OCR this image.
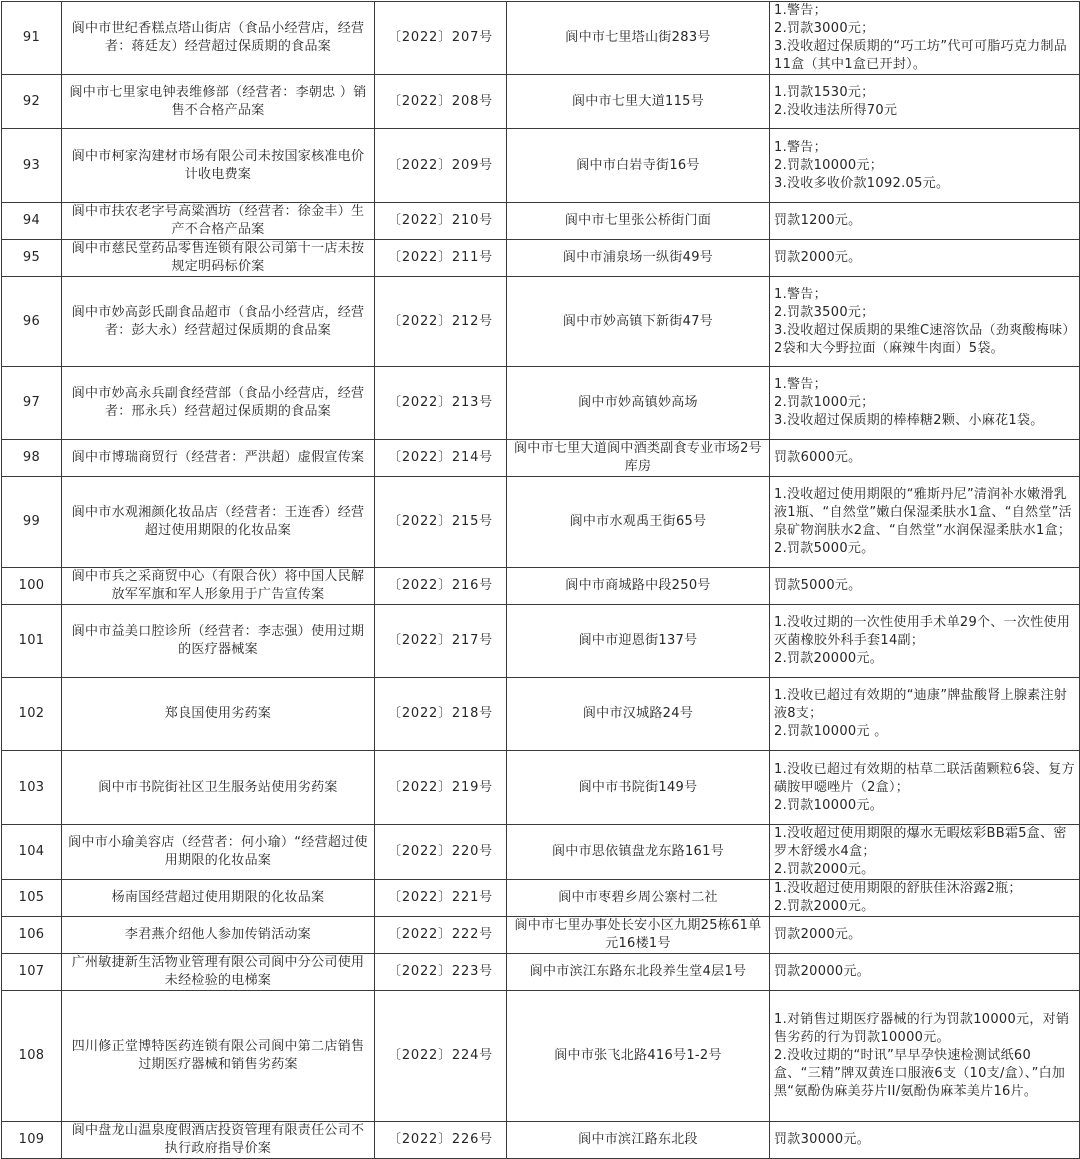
91	阆中市世纪香糕点塔山街店（食品小经营店，经营者：蒋廷友）经营超过保质期的食品案	〔2022〕207号	阆中市七里塔山街283号	1.警告；
2.罚款3000元；
3.没收超过保质期的“巧工坊”代可可脂巧克力制品11盒（其中1盒已开封）。
92	阆中市七里家电钟表维修部（经营者：李朝忠 ）销售不合格产品案	〔2022〕208号	阆中市七里大道115号	1.罚款1530元；
2.没收违法所得70元
93	阆中市柯家沟建材市场有限公司未按国家核准电价计收电费案	〔2022〕209号	阆中市白岩寺街16号	1.警告；
2.罚款10000元；
3.没收多收价款1092.05元。
94	阆中市扶农老字号高粱酒坊（经营者：徐金丰）生产不合格产品案	〔2022〕210号	阆中市七里张公桥街门面	罚款1200元。
95	阆中市慈民堂药品零售连锁有限公司第十一店未按规定明码标价案	〔2022〕211号	阆中市浦泉场一纵街49号	罚款2000元。
96	阆中市妙高彭氏副食品超市（食品小经营店，经营者：彭大永）经营超过保质期的食品案	〔2022〕212号	阆中市妙高镇下新街47号	1.警告；
2.罚款3500元；
3.没收超过保质期的果维C速溶饮品（劲爽酸梅味）2袋和大今野拉面（麻辣牛肉面）5袋。
97	阆中市妙高永兵副食经营部（食品小经营店，经营者：邢永兵）经营超过保质期的食品案	〔2022〕213号	阆中市妙高镇妙高场	1.警告；
2.罚款1000元；
3.没收超过保质期的棒棒糖2颗、小麻花1袋。
98	阆中市博瑞商贸行（经营者：严洪超）虚假宣传案	〔2022〕214号	阆中市七里大道阆中酒类副食专业市场2号库房	罚款6000元。
99	阆中市水观湘颜化妆品店（经营者：王连香）经营超过使用期限的化妆品案	〔2022〕215号	阆中市水观禹王街65号	1.没收超过使用期限的“雅斯丹尼”清润补水嫩滑乳液1瓶、“自然堂”嫩白保湿柔肤水1盒、“自然堂”活泉矿物润肤水2盒、“自然堂”水润保湿柔肤水1盒；
2.罚款5000元。
100	阆中市兵之采商贸中心（有限合伙）将中国人民解放军军旗和军人形象用于广告宣传案	〔2022〕216号	阆中市商城路中段250号	罚款5000元。
101	阆中市益美口腔诊所（经营者：李志强）使用过期的医疗器械案	〔2022〕217号	阆中市迎恩街137号	1.没收过期的一次性使用手术单29个、一次性使用灭菌橡胶外科手套14副；
2.罚款20000元。
102	郑良国使用劣药案	〔2022〕218号	阆中市汉城路24号	1.没收已超过有效期的“迪康”牌盐酸肾上腺素注射液8支；
2.罚款10000元 。
103	阆中市书院街社区卫生服务站使用劣药案	〔2022〕219号	阆中市书院街149号	1.没收已超过有效期的枯草二联活菌颗粒6袋、复方磺胺甲噁唑片（2盒）；
2.罚款10000元。
104	阆中市小瑜美容店（经营者：何小瑜）“经营超过使用期限的化妆品案	〔2022〕220号	阆中市思依镇盘龙东路161号	1.没收超过使用期限的爆水无暇炫彩BB霜5盒、密罗木舒缓水4盒；
2.罚款2000元。
105	杨南国经营超过使用期限的化妆品案	〔2022〕221号	阆中市枣碧乡周公寨村二社	1.没收超过使用期限的舒肤佳沐浴露2瓶；
2.罚款2000元。
106	李君燕介绍他人参加传销活动案	〔2022〕222号	阆中市七里办事处长安小区九期25栋61单元16楼1号	罚款2000元。
107	广州敏捷新生活物业管理有限公司阆中分公司使用未经检验的电梯案	〔2022〕223号	阆中市滨江东路东北段养生堂4层1号	罚款20000元。
108	四川修正堂博特医药连锁有限公司阆中第二店销售过期医疗器械和销售劣药案	〔2022〕224号	阆中市张飞北路416号1-2号	1.对销售过期医疗器械的行为罚款10000元，对销售劣药的行为罚款10000元。
2.没收过期的“时讯”早早孕快速检测试纸60盒、“三精”牌双黄连口服液6支（10支/盒）、”白加黑“氨酚伪麻美芬片II/氨酚伪麻苯美片16片。
109	阆中盘龙山温泉度假酒店投资管理有限责任公司不执行政府指导价案	〔2022〕226号	阆中市滨江路东北段	罚款30000元。
